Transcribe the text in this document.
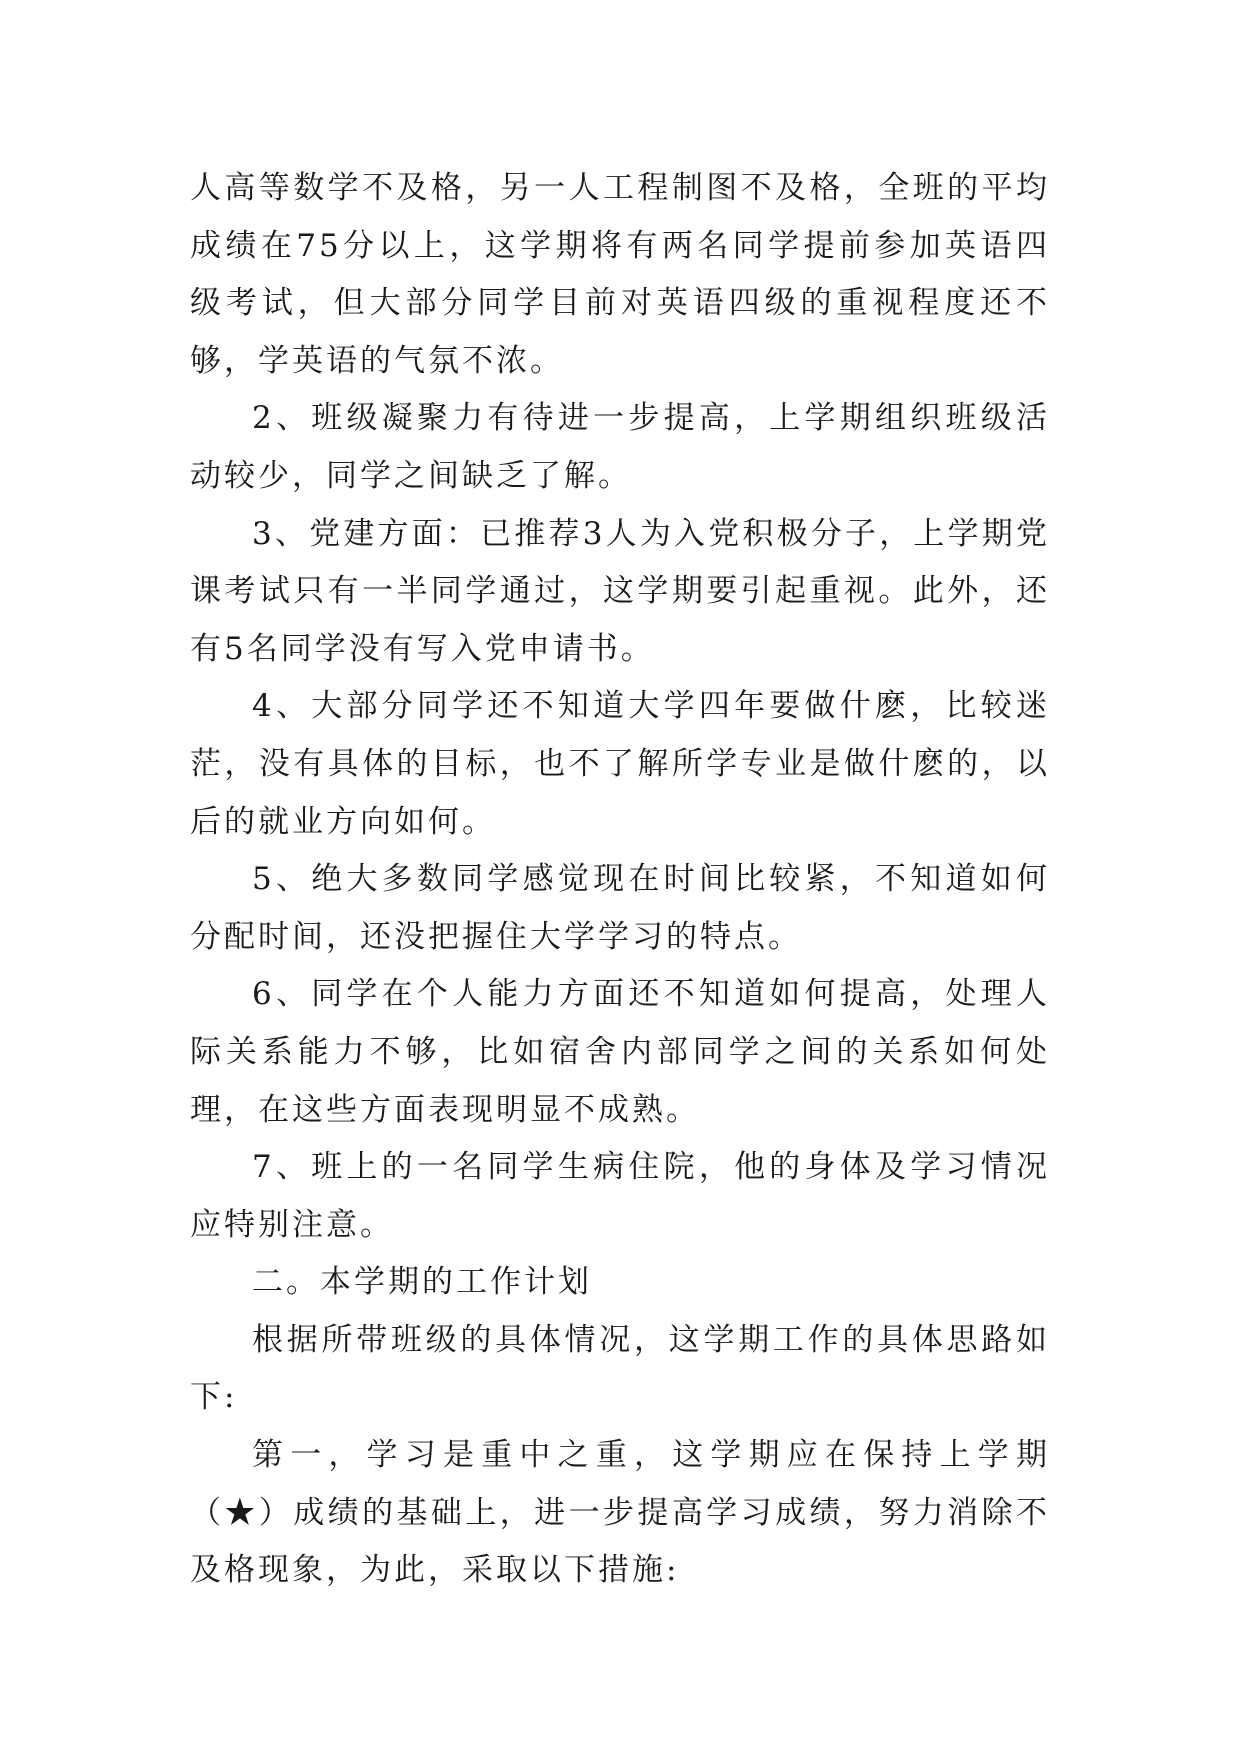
人高等数学不及格，另一人工程制图不及格，全班的平均成绩在75分以上，这学期将有两名同学提前参加英语四级考试，但大部分同学目前对英语四级的重视程度还不够，学英语的气氛不浓。

2、班级凝聚力有待进一步提高，上学期组织班级活动较少，同学之间缺乏了解。

3、党建方面：已推荐3人为入党积极分子，上学期党课考试只有一半同学通过，这学期要引起重视。此外，还有5名同学没有写入党申请书。

4、大部分同学还不知道大学四年要做什麽，比较迷茫，没有具体的目标，也不了解所学专业是做什麽的，以后的就业方向如何。

5、绝大多数同学感觉现在时间比较紧，不知道如何分配时间，还没把握住大学学习的特点。

6、同学在个人能力方面还不知道如何提高，处理人际关系能力不够，比如宿舍内部同学之间的关系如何处理，在这些方面表现明显不成熟。

7、班上的一名同学生病住院，他的身体及学习情况应特别注意。

二。本学期的工作计划

根据所带班级的具体情况，这学期工作的具体思路如下:

第一，学习是重中之重，这学期应在保持上学期（★）成绩的基础上，进一步提高学习成绩，努力消除不及格现象，为此，采取以下措施:
